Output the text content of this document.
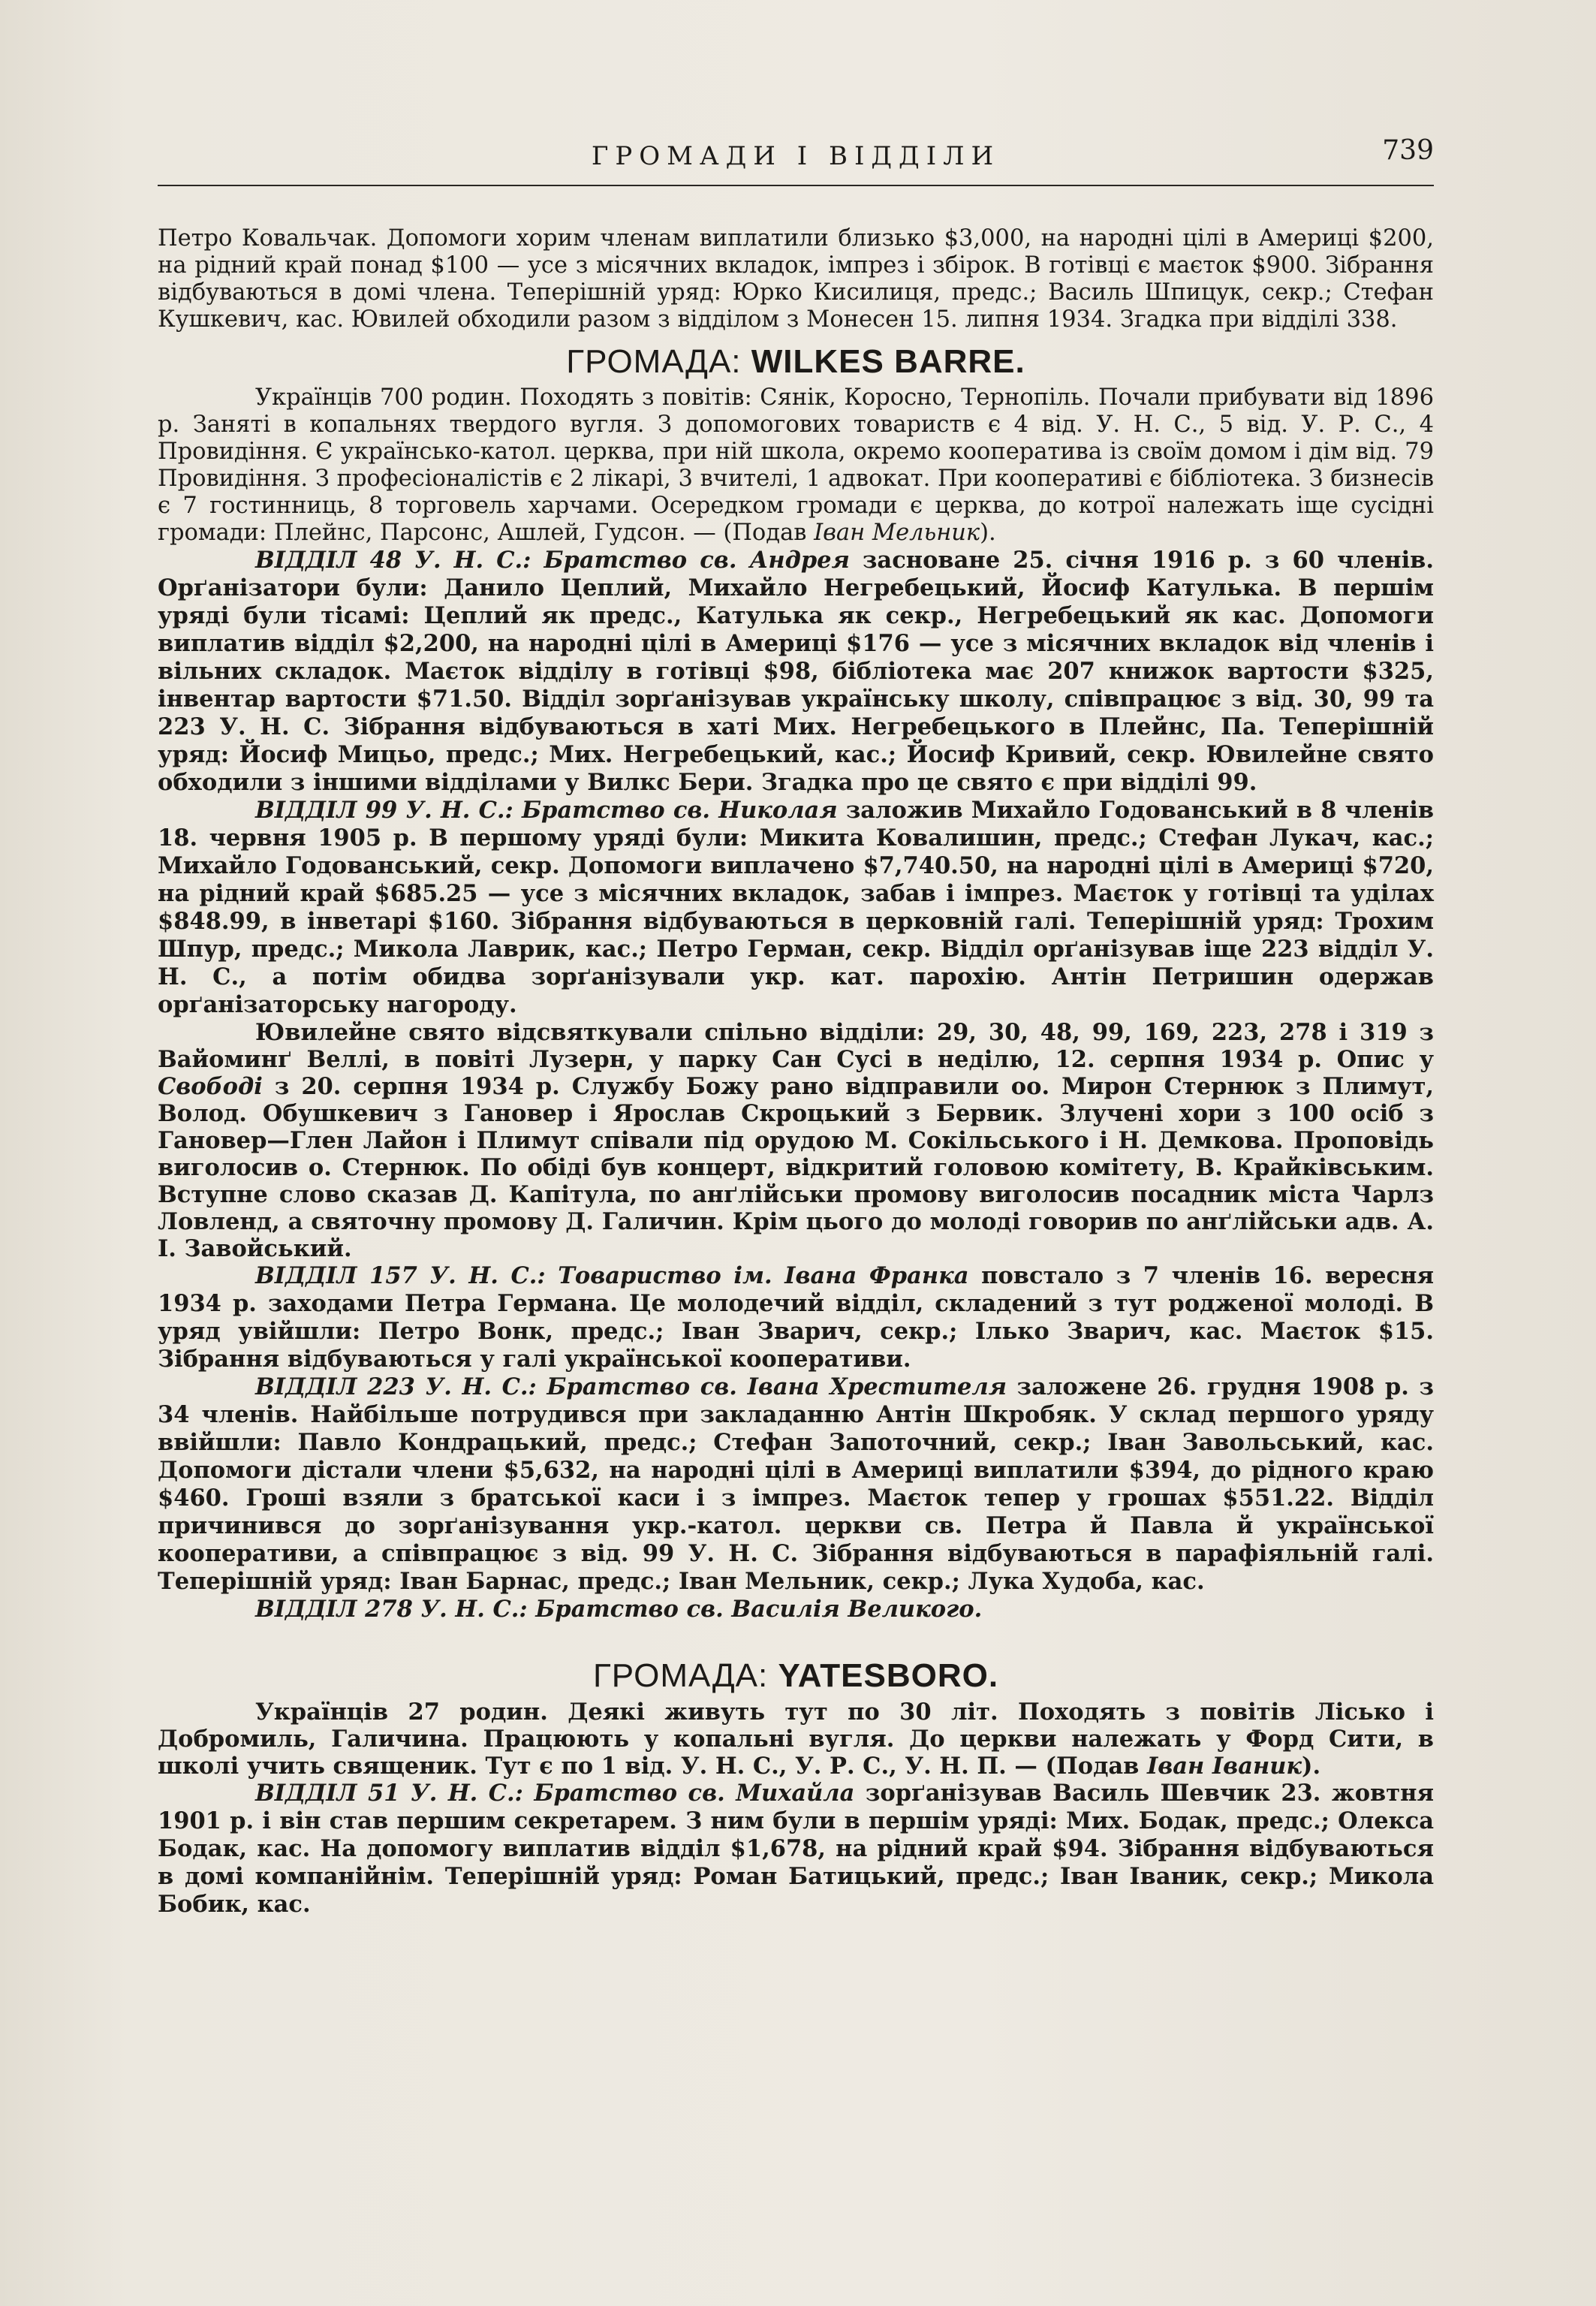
ГРОМАДИ І ВІДДІЛИ	739

Петро Ковальчак. Допомоги хорим членам виплатили близько $3,000, на народні цілі в Америці $200, на рідний край понад $100 — усе з місячних вкладок, імпрез і збірок. В готівці є маєток $900. Зібрання відбуваються в домі члена. Теперішній уряд: Юрко Кисилиця, предс.; Василь Шпицук, секр.; Стефан Кушкевич, кас. Ювилей обходили разом з відділом з Монесен 15. липня 1934. Згадка при відділі 338.

ГРОМАДА: WILKES BARRE.

Українців 700 родин. Походять з повітів: Сянік, Коросно, Тернопіль. Почали прибувати від 1896 р. Заняті в копальнях твердого вугля. З допомогових товариств є 4 від. У. Н. С., 5 від. У. Р. С., 4 Провидіння. Є українсько-катол. церква, при ній школа, окремо кооператива із своїм домом і дім від. 79 Провидіння. З професіоналістів є 2 лікарі, 3 вчителі, 1 адвокат. При кооперативі є бібліотека. З бизнесів є 7 гостинниць, 8 торговель харчами. Осередком громади є церква, до котрої належать іще сусідні громади: Плейнс, Парсонс, Ашлей, Гудсон. — (Подав Іван Мельник).

ВІДДІЛ 48 У. Н. С.: Братство св. Андрея засноване 25. січня 1916 р. з 60 членів. Орґанізатори були: Данило Цеплий, Михайло Негребецький, Йосиф Катулька. В першім уряді були тісамі: Цеплий як предс., Катулька як секр., Негребецький як кас. Допомоги виплатив відділ $2,200, на народні цілі в Америці $176 — усе з місячних вкладок від членів і вільних складок. Маєток відділу в готівці $98, бібліотека має 207 книжок вартости $325, інвентар вартости $71.50. Відділ зорґанізував українську школу, співпрацює з від. 30, 99 та 223 У. Н. С. Зібрання відбуваються в хаті Мих. Негребецького в Плейнс, Па. Теперішній уряд: Йосиф Мицьо, предс.; Мих. Негребецький, кас.; Йосиф Кривий, секр. Ювилейне свято обходили з іншими відділами у Вилкс Бери. Згадка про це свято є при відділі 99.

ВІДДІЛ 99 У. Н. С.: Братство св. Николая заложив Михайло Годованський в 8 членів 18. червня 1905 р. В першому уряді були: Микита Ковалишин, предс.; Стефан Лукач, кас.; Михайло Годованський, секр. Допомоги виплачено $7,740.50, на народні цілі в Америці $720, на рідний край $685.25 — усе з місячних вкладок, забав і імпрез. Маєток у готівці та уділах $848.99, в інветарі $160. Зібрання відбуваються в церковній галі. Теперішній уряд: Трохим Шпур, предс.; Микола Лаврик, кас.; Петро Герман, секр. Відділ орґанізував іще 223 відділ У. Н. С., а потім обидва зорґанізували укр. кат. парохію. Антін Петришин одержав орґанізаторську нагороду.

Ювилейне свято відсвяткували спільно відділи: 29, 30, 48, 99, 169, 223, 278 і 319 з Вайоминґ Веллі, в повіті Лузерн, у парку Сан Сусі в неділю, 12. серпня 1934 р. Опис у Свободі з 20. серпня 1934 р. Службу Божу рано відправили оо. Мирон Стернюк з Плимут, Волод. Обушкевич з Гановер і Ярослав Скроцький з Бервик. Злучені хори з 100 осіб з Гановер—Глен Лайон і Плимут співали під орудою М. Сокільського і Н. Демкова. Проповідь виголосив о. Стернюк. По обіді був концерт, відкритий головою комітету, В. Крайківським. Вступне слово сказав Д. Капітула, по анґлійськи промову виголосив посадник міста Чарлз Ловленд, а святочну промову Д. Галичин. Крім цього до молоді говорив по анґлійськи адв. А. І. Завойський.

ВІДДІЛ 157 У. Н. С.: Товариство ім. Івана Франка повстало з 7 членів 16. вересня 1934 р. заходами Петра Германа. Це молодечий відділ, складений з тут родженої молоді. В уряд увійшли: Петро Вонк, предс.; Іван Зварич, секр.; Ілько Зварич, кас. Маєток $15. Зібрання відбуваються у галі української кооперативи.

ВІДДІЛ 223 У. Н. С.: Братство св. Івана Хрестителя заложене 26. грудня 1908 р. з 34 членів. Найбільше потрудився при закладанню Антін Шкробяк. У склад першого уряду ввійшли: Павло Кондрацький, предс.; Стефан Запоточний, секр.; Іван Завольський, кас. Допомоги дістали члени $5,632, на народні цілі в Америці виплатили $394, до рідного краю $460. Гроші взяли з братської каси і з імпрез. Маєток тепер у грошах $551.22. Відділ причинився до зорґанізування укр.-катол. церкви св. Петра й Павла й української кооперативи, а співпрацює з від. 99 У. Н. С. Зібрання відбуваються в парафіяльній галі. Теперішній уряд: Іван Барнас, предс.; Іван Мельник, секр.; Лука Худоба, кас.

ВІДДІЛ 278 У. Н. С.: Братство св. Василія Великого.

ГРОМАДА: YATESBORO.

Українців 27 родин. Деякі живуть тут по 30 літ. Походять з повітів Лісько і Добромиль, Галичина. Працюють у копальні вугля. До церкви належать у Форд Сити, в школі учить священик. Тут є по 1 від. У. Н. С., У. Р. С., У. Н. П. — (Подав Іван Іваник).

ВІДДІЛ 51 У. Н. С.: Братство св. Михайла зорґанізував Василь Шевчик 23. жовтня 1901 р. і він став першим секретарем. З ним були в першім уряді: Мих. Бодак, предс.; Олекса Бодак, кас. На допомогу виплатив відділ $1,678, на рідний край $94. Зібрання відбуваються в домі компанійнім. Теперішній уряд: Роман Батицький, предс.; Іван Іваник, секр.; Микола Бобик, кас.
